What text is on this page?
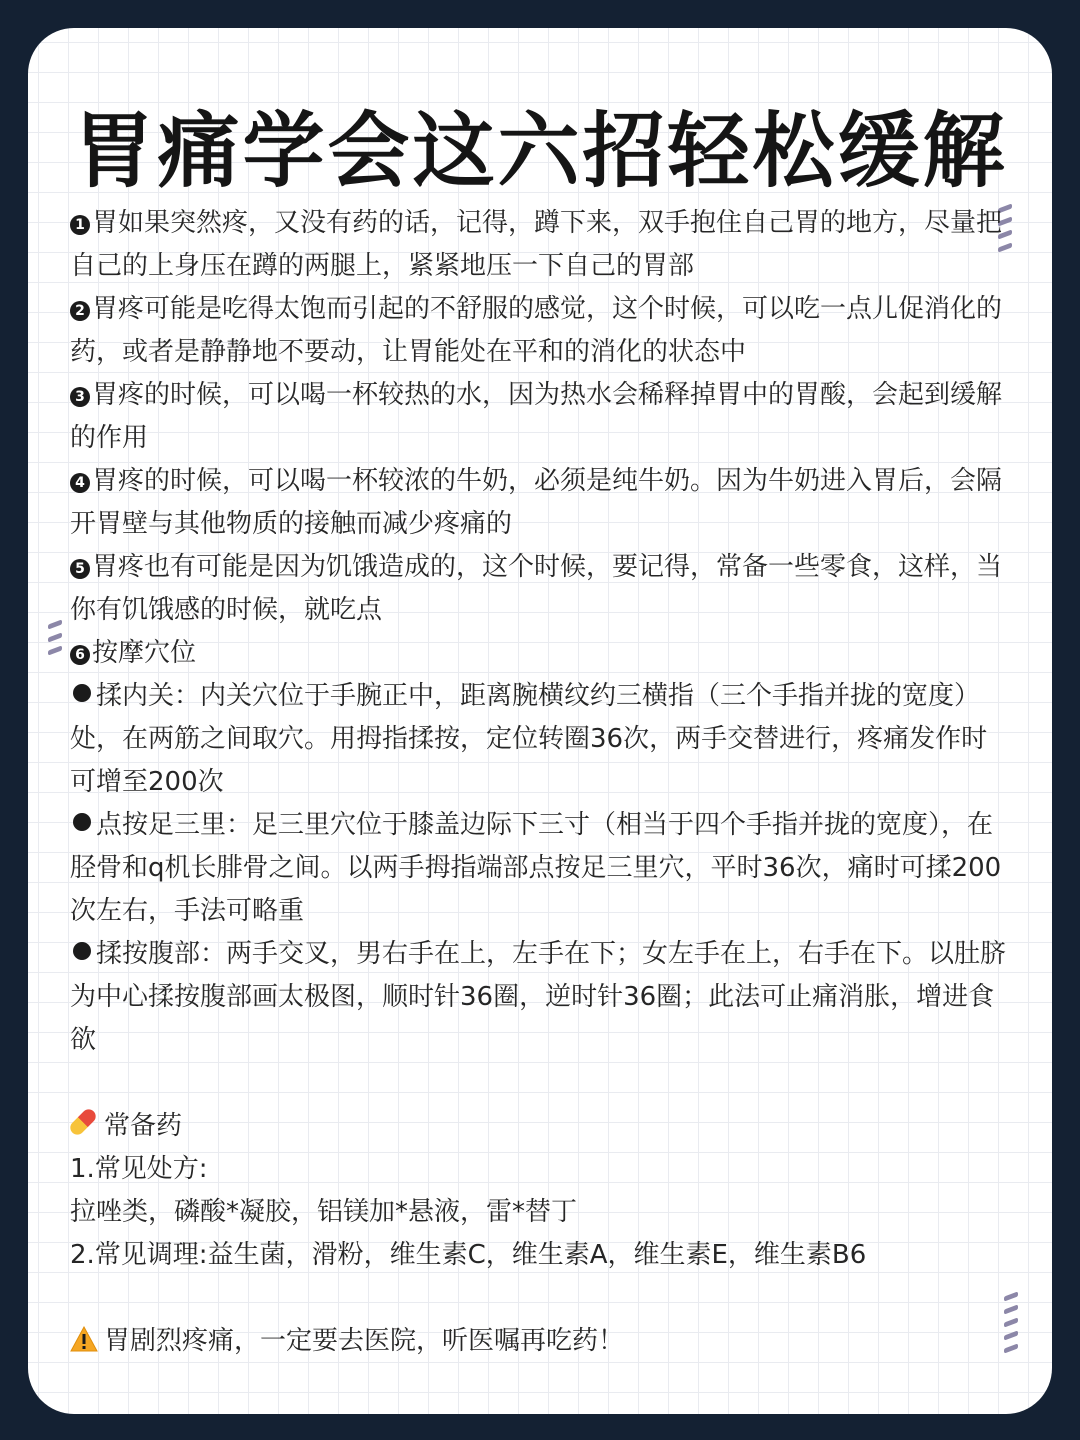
胃痛学会这六招轻松缓解

1 胃如果突然疼，又没有药的话，记得，蹲下来，双手抱住自己胃的地方，尽量把自己的上身压在蹲的两腿上，紧紧地压一下自己的胃部

2 胃疼可能是吃得太饱而引起的不舒服的感觉，这个时候，可以吃一点儿促消化的药，或者是静静地不要动，让胃能处在平和的消化的状态中

3 胃疼的时候，可以喝一杯较热的水，因为热水会稀释掉胃中的胃酸，会起到缓解的作用

4 胃疼的时候，可以喝一杯较浓的牛奶，必须是纯牛奶。因为牛奶进入胃后，会隔开胃壁与其他物质的接触而减少疼痛的

5 胃疼也有可能是因为饥饿造成的，这个时候，要记得，常备一些零食，这样，当你有饥饿感的时候，就吃点

6 按摩穴位

揉内关：内关穴位于手腕正中，距离腕横纹约三横指（三个手指并拢的宽度）处，在两筋之间取穴。用拇指揉按，定位转圈36次，两手交替进行，疼痛发作时可增至200次

点按足三里：足三里穴位于膝盖边际下三寸（相当于四个手指并拢的宽度），在胫骨和q机长腓骨之间。以两手拇指端部点按足三里穴，平时36次，痛时可揉200次左右，手法可略重

揉按腹部：两手交叉，男右手在上，左手在下；女左手在上，右手在下。以肚脐为中心揉按腹部画太极图，顺时针36圈，逆时针36圈；此法可止痛消胀，增进食欲

常备药

1.常见处方:

拉唑类，磷酸*凝胶，铝镁加*悬液，雷*替丁

2.常见调理:益生菌，滑粉，维生素C，维生素A，维生素E，维生素B6

胃剧烈疼痛，一定要去医院，听医嘱再吃药！
